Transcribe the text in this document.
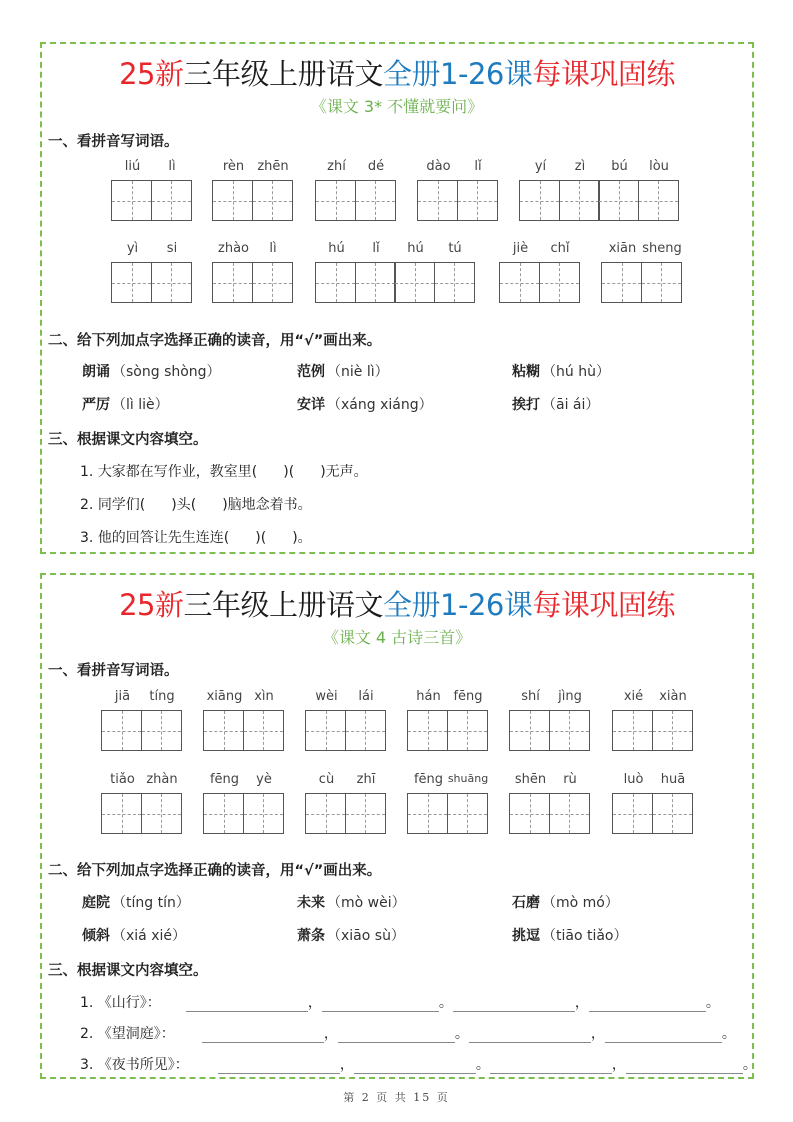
25新三年级上册语文全册1-26课每课巩固练
《课文 3* 不懂就要问》
一、看拼音写词语。
liú	lì	rèn	zhēn	zhí	dé	dào	lǐ	yí	zì	bú	lòu
yì	si	zhào	lì	hú	lǐ	hú	tú	jiè	chǐ	xiān sheng
二、给下列加点字选择正确的读音，用“√”画出来。
朗诵 （sòng shòng）	范例 （niè lì）	粘糊 （hú hù）
严厉 （lì liè）	安详 （xáng xiáng）	挨打 （āi ái）
三、根据课文内容填空。
1. 大家都在写作业，教室里( )( )无声。
2. 同学们( )头( )脑地念着书。
3. 他的回答让先生连连( )( )。
25新三年级上册语文全册1-26课每课巩固练
《课文 4 古诗三首》
一、看拼音写词语。
jiā	tíng	xiāng xìn	wèi	lái	hán fēng	shí	jìng	xié	xiàn
tiǎo zhàn	fēng	yè	cù	zhī	fēng shuāng	shēn	rù	luò	huā
二、给下列加点字选择正确的读音，用“√”画出来。
庭院 （tíng tín）	未来 （mò wèi）	石磨 （mò mó）
倾斜 （xiá xié）	萧条 （xiāo sù）	挑逗 （tiāo tiǎo）
三、根据课文内容填空。
1. 《山行》：	，	。	，	。
2. 《望洞庭》：	，	。	，	。
3. 《夜书所见》：	，	。	，	。
第 2 页 共 15 页
